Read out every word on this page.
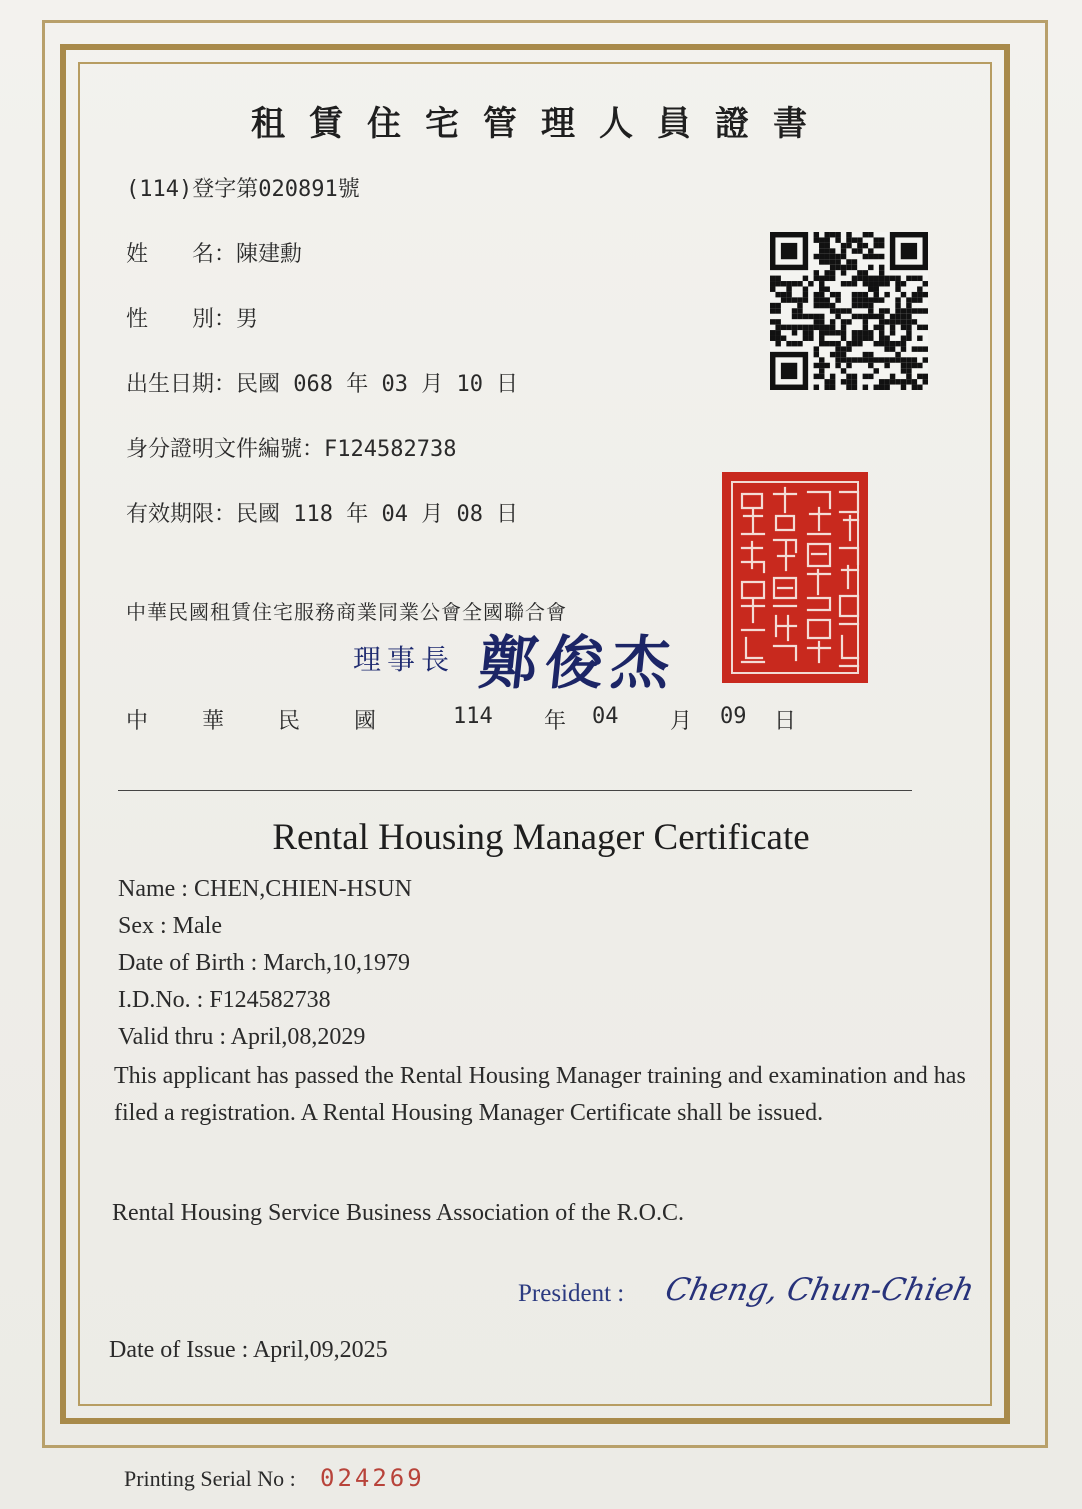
租賃住宅管理人員證書
(114)登字第020891號
姓　　名：陳建勳
性　　別：男
出生日期：民國 068 年 03 月 10 日
身分證明文件編號：F124582738
有效期限：民國 118 年 04 月 08 日
中華民國租賃住宅服務商業同業公會全國聯合會
理事長 鄭俊杰
中 華 民 國	114 年 04 月 09 日
Rental Housing Manager Certificate
Name : CHEN,CHIEN-HSUN
Sex : Male
Date of Birth : March,10,1979
I.D.No. : F124582738
Valid thru : April,08,2029
This applicant has passed the Rental Housing Manager training and examination and has filed a registration. A Rental Housing Manager Certificate shall be issued.
Rental Housing Service Business Association of the R.O.C.
President : Cheng, Chun-Chieh
Date of Issue : April,09,2025
Printing Serial No : 024269
